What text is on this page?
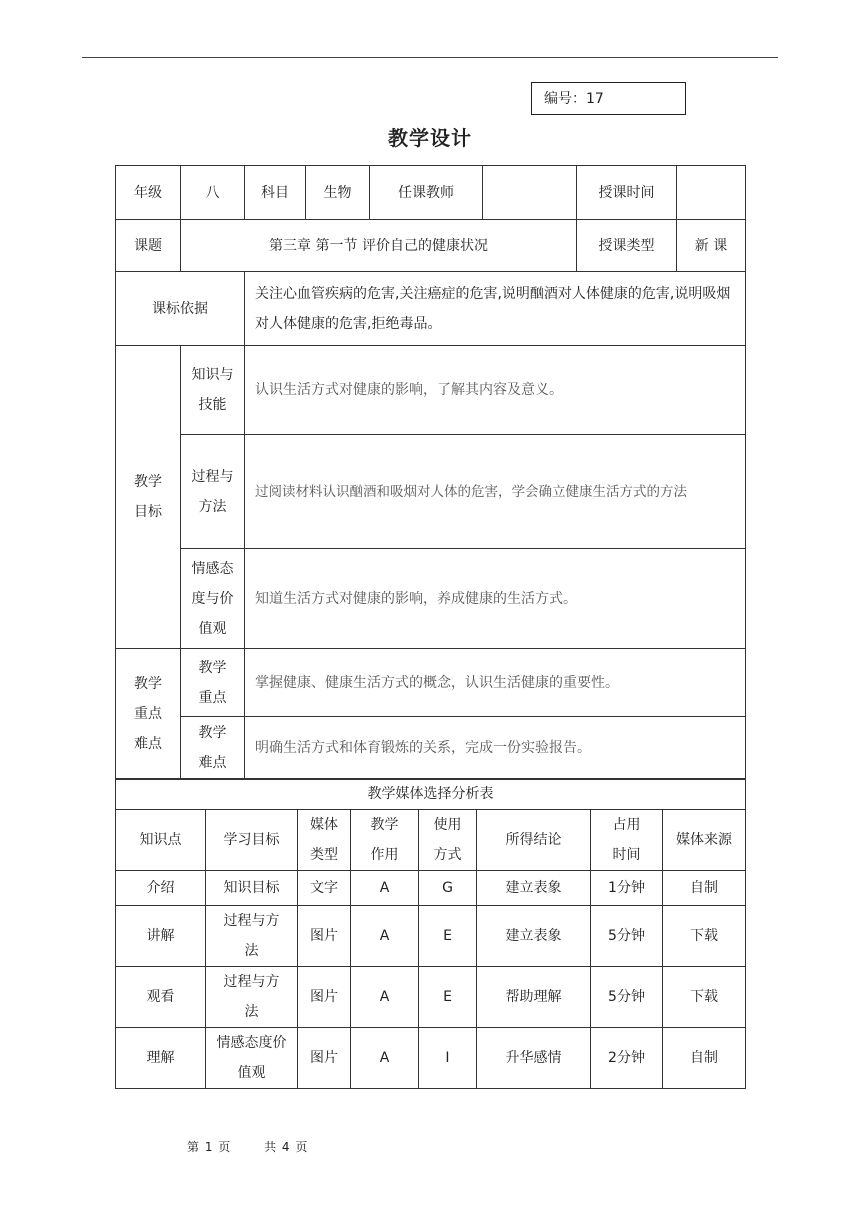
编号：17
教学设计
年级	八	科目	生物	任课教师		授课时间	
课题	第三章 第一节 评价自己的健康状况					授课类型	新 课
课标依据		关注心血管疾病的危害,关注癌症的危害,说明酗酒对人体健康的危害,说明吸烟对人体健康的危害,拒绝毒品。					

教学目标	知识与技能	认识生活方式对健康的影响，了解其内容及意义。					

	过程与方法	过阅读材料认识酗酒和吸烟对人体的危害，学会确立健康生活方式的方法					

	情感态度与价值观	知道生活方式对健康的影响，养成健康的生活方式。					

教学重点难点	教学重点	掌握健康、健康生活方式的概念，认识生活健康的重要性。					

	教学难点	明确生活方式和体育锻炼的关系，完成一份实验报告。					
教学媒体选择分析表							
知识点	学习目标	媒体类型	教学 作用	使用方式	所得结论	占用 时间	媒体来源
介绍	知识目标	文字	A	G	建立表象	1分钟	自制
讲解	过程与方法	图片	A	E	建立表象	5分钟	下载
观看	过程与方法	图片	A	E	帮助理解	5分钟	下载
理解	情感态度价值观	图片	A	I	升华感情	2分钟	自制
第 1 页	共 4 页
